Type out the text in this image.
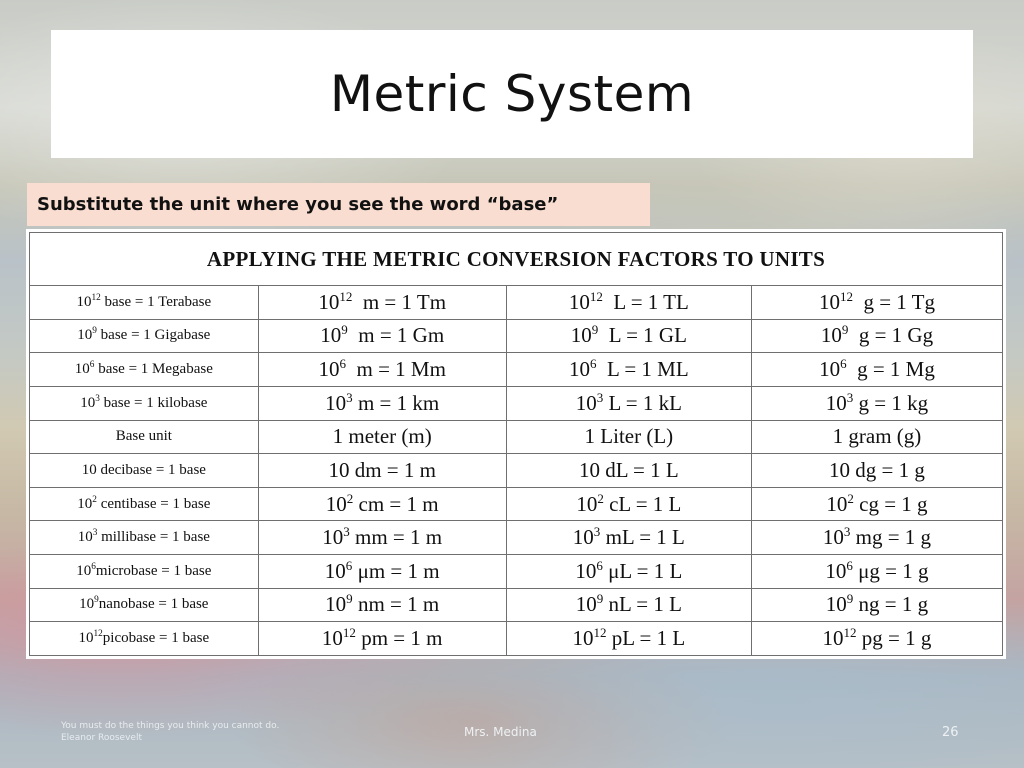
Metric System
Substitute the unit where you see the word “base”
APPLYING THE METRIC CONVERSION FACTORS TO UNITS			
$10^{12}$ base = 1 Terabase	$10^{12}$  m = 1 Tm	$10^{12}$  L = 1 TL	$10^{12}$  g = 1 Tg
$10^9$ base = 1 Gigabase	$10^9$  m = 1 Gm	$10^9$  L = 1 GL	$10^9$  g = 1 Gg
$10^6$ base = 1 Megabase	$10^6$  m = 1 Mm	$10^6$  L = 1 ML	$10^6$  g = 1 Mg
$10^3$ base = 1 kilobase	$10^3$ m = 1 km	$10^3$ L = 1 kL	$10^3$ g = 1 kg
Base unit	1 meter (m)	1 Liter (L)	1 gram (g)
10 decibase = 1 base	10 dm = 1 m	10 dL = 1 L	10 dg = 1 g
$10^2$ centibase = 1 base	$10^2$ cm = 1 m	$10^2$ cL = 1 L	$10^2$ cg = 1 g
$10^3$ millibase = 1 base	$10^3$ mm = 1 m	$10^3$ mL = 1 L	$10^3$ mg = 1 g
$10^6microbase = 1$ base	$10^6$ μm = 1 m	$10^6$ μL = 1 L	$10^6$ μg = 1 g
$10^9nanobase = 1$ base	$10^9$ nm = 1 m	$10^9$ nL = 1 L	$10^9$ ng = 1 g
$10^{12}picobase = 1$ base	$10^{12}$ pm = 1 m	$10^{12}$ pL = 1 L	$10^{12}$ pg = 1 g
You must do the things you think you cannot do. Eleanor Roosevelt	Mrs. Medina	26
